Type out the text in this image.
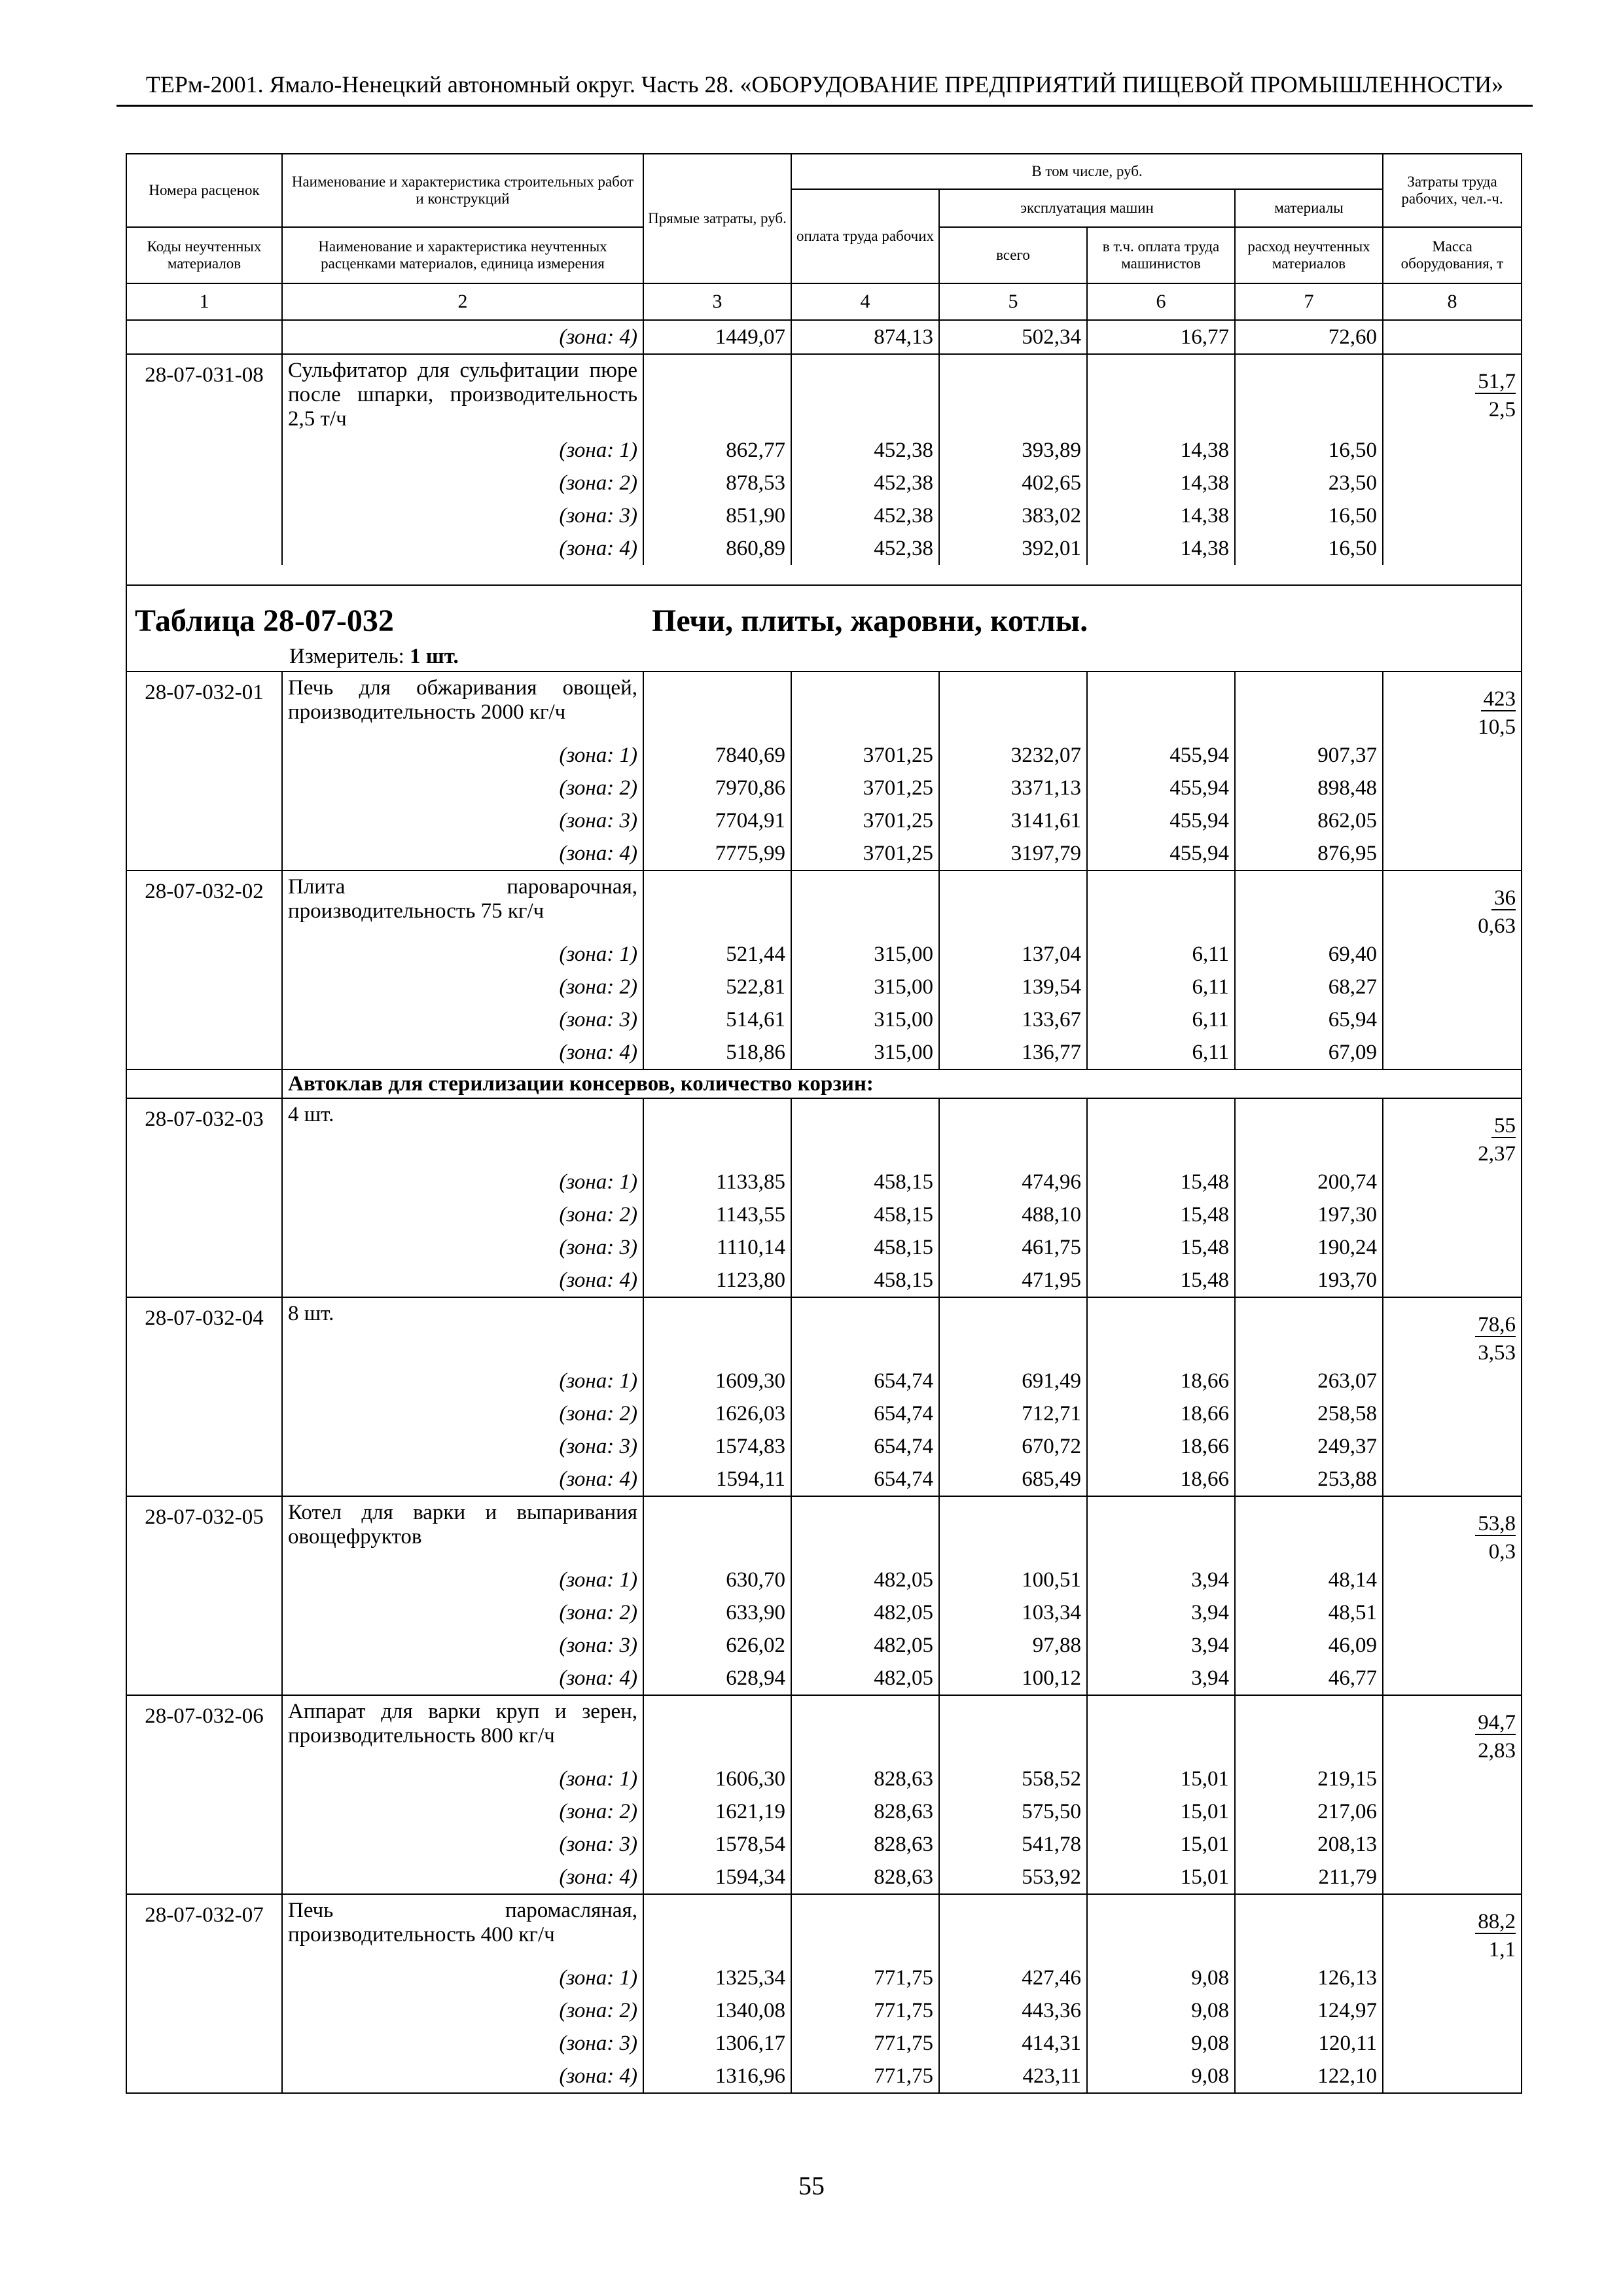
ТЕРм-2001. Ямало-Ненецкий автономный округ. Часть 28. «ОБОРУДОВАНИЕ ПРЕДПРИЯТИЙ ПИЩЕВОЙ ПРОМЫШЛЕННОСТИ»
Номера расценок	Наименование и характеристика строительных работ и конструкций	Прямые затраты, руб.	В том числе, руб.				Затраты труда рабочих, чел.-ч.
			оплата труда рабочих	эксплуатация машин		материалы	
				всего	в т.ч. оплата труда машинистов	расход неучтенных материалов	
Коды неучтенных материалов	Наименование и характеристика неучтенных расценками материалов, единица измерения						Масса оборудования, т

1	2	3	4	5	6	7	8
	(зона: 4)	1449,07	874,13	502,34	16,77	72,60	
28-07-031-08	Сульфитатор для сульфитации пюре после шпарки, производительность 2,5 т/ч						51,7
2,5

	(зона: 1)	862,77	452,38	393,89	14,38	16,50	
	(зона: 2)	878,53	452,38	402,65	14,38	23,50	
	(зона: 3)	851,90	452,38	383,02	14,38	16,50	
	(зона: 4)	860,89	452,38	392,01	14,38	16,50	

Таблица 28-07-032 Печи, плиты, жаровни, котлы.
Измеритель: 1 шт.							

28-07-032-01	Печь для обжаривания овощей, производительность 2000 кг/ч						423
10,5

	(зона: 1)	7840,69	3701,25	3232,07	455,94	907,37	
	(зона: 2)	7970,86	3701,25	3371,13	455,94	898,48	
	(зона: 3)	7704,91	3701,25	3141,61	455,94	862,05	
	(зона: 4)	7775,99	3701,25	3197,79	455,94	876,95	
28-07-032-02	Плита пароварочная, производительность 75 кг/ч						36
0,63

	(зона: 1)	521,44	315,00	137,04	6,11	69,40	
	(зона: 2)	522,81	315,00	139,54	6,11	68,27	
	(зона: 3)	514,61	315,00	133,67	6,11	65,94	
	(зона: 4)	518,86	315,00	136,77	6,11	67,09	
	Автоклав для стерилизации консервов, количество корзин:						
28-07-032-03	4 шт.						55
2,37

	(зона: 1)	1133,85	458,15	474,96	15,48	200,74	
	(зона: 2)	1143,55	458,15	488,10	15,48	197,30	
	(зона: 3)	1110,14	458,15	461,75	15,48	190,24	
	(зона: 4)	1123,80	458,15	471,95	15,48	193,70	
28-07-032-04	8 шт.						78,6
3,53

	(зона: 1)	1609,30	654,74	691,49	18,66	263,07	
	(зона: 2)	1626,03	654,74	712,71	18,66	258,58	
	(зона: 3)	1574,83	654,74	670,72	18,66	249,37	
	(зона: 4)	1594,11	654,74	685,49	18,66	253,88	
28-07-032-05	Котел для варки и выпаривания овощефруктов						53,8
0,3

	(зона: 1)	630,70	482,05	100,51	3,94	48,14	
	(зона: 2)	633,90	482,05	103,34	3,94	48,51	
	(зона: 3)	626,02	482,05	97,88	3,94	46,09	
	(зона: 4)	628,94	482,05	100,12	3,94	46,77	
28-07-032-06	Аппарат для варки круп и зерен, производительность 800 кг/ч						94,7
2,83

	(зона: 1)	1606,30	828,63	558,52	15,01	219,15	
	(зона: 2)	1621,19	828,63	575,50	15,01	217,06	
	(зона: 3)	1578,54	828,63	541,78	15,01	208,13	
	(зона: 4)	1594,34	828,63	553,92	15,01	211,79	
28-07-032-07	Печь паромасляная, производительность 400 кг/ч						88,2
1,1

	(зона: 1)	1325,34	771,75	427,46	9,08	126,13	
	(зона: 2)	1340,08	771,75	443,36	9,08	124,97	
	(зона: 3)	1306,17	771,75	414,31	9,08	120,11	
	(зона: 4)	1316,96	771,75	423,11	9,08	122,10	
55
